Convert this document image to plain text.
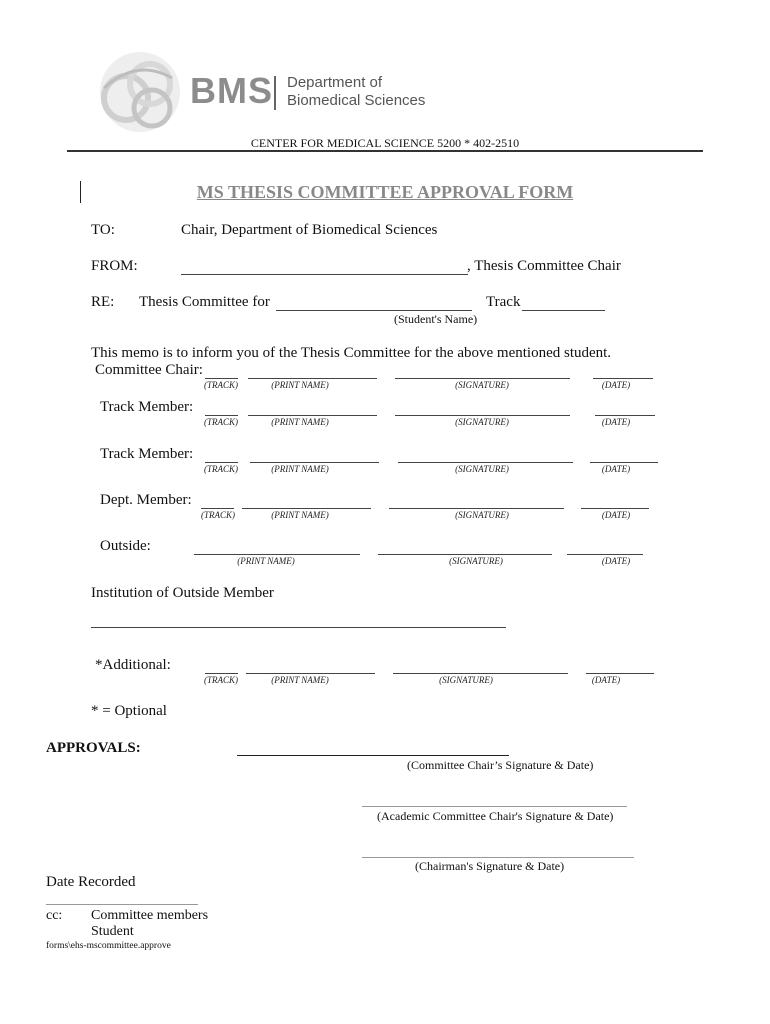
BMS Department of
Biomedical Sciences
CENTER FOR MEDICAL SCIENCE 5200 * 402-2510
MS THESIS COMMITTEE APPROVAL FORM
TO:	Chair, Department of Biomedical Sciences
FROM:	, Thesis Committee Chair
RE: Thesis Committee for	Track
(Student's Name)
This memo is to inform you of the Thesis Committee for the above mentioned student.
Committee Chair:
(TRACK)	(PRINT NAME)	(SIGNATURE)	(DATE)
Track Member:
(TRACK)	(PRINT NAME)	(SIGNATURE)	(DATE)
Track Member:
(TRACK)	(PRINT NAME)	(SIGNATURE)	(DATE)
Dept. Member:
(TRACK)	(PRINT NAME)	(SIGNATURE)	(DATE)
Outside:
(PRINT NAME)	(SIGNATURE)	(DATE)
Institution of Outside Member
*Additional:
(TRACK)	(PRINT NAME)	(SIGNATURE)	(DATE)
* = Optional
APPROVALS:
(Committee Chair’s Signature & Date)
(Academic Committee Chair's Signature & Date)
(Chairman's Signature & Date)
Date Recorded
cc: Committee members
Student
forms\ehs-mscommittee.approve
